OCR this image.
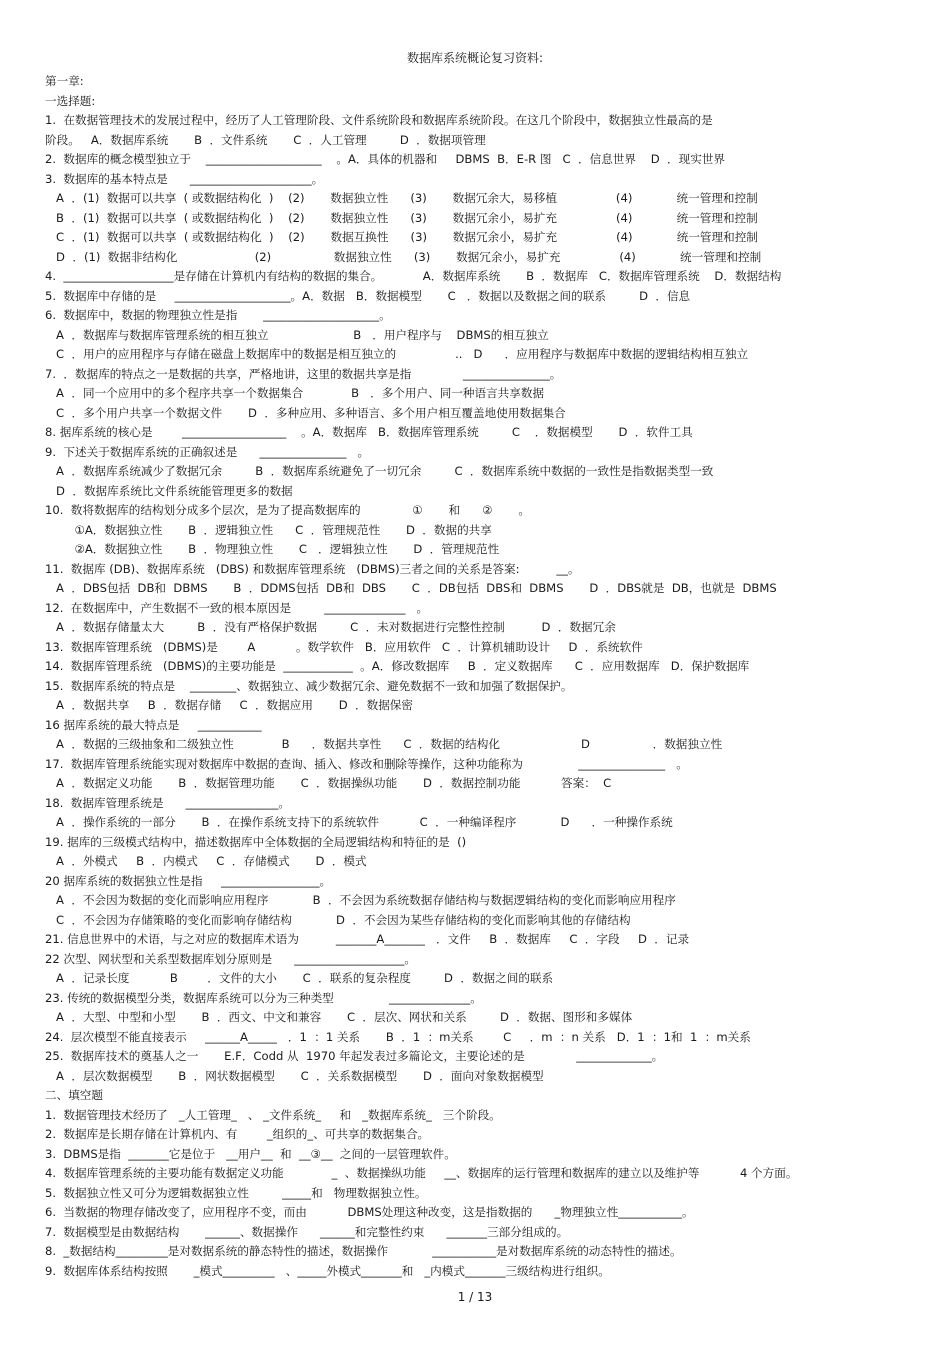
数据库系统概论复习资料:
第一章:
一选择题:
1.  在数据管理技术的发展过程中，经历了人工管理阶段、文件系统阶段和数据库系统阶段。在这几个阶段中，数据独立性最高的是
阶段。   A．数据库系统       B  ．文件系统       C  ．人工管理         D  ．数据项管理
2.  数据库的概念模型独立于    ____________________    。A．具体的机器和     DBMS  B．E-R 图   C  ．信息世界    D  ．现实世界
3.  数据库的基本特点是      _____________________。
A  ．(1)  数据可以共享  ( 或数据结构化  )    (2)       数据独立性      (3)       数据冗余大，易移植                (4)            统一管理和控制
B  ．(1)  数据可以共享  ( 或数据结构化  )    (2)       数据独立性      (3)       数据冗余小，易扩充                (4)            统一管理和控制
C  ．(1)  数据可以共享  ( 或数据结构化  )    (2)       数据互换性      (3)       数据冗余小，易扩充                (4)            统一管理和控制
D  ．(1)  数据非结构化                     (2)                 数据独立性      (3)       数据冗余小，易扩充                (4)            统一管理和控制
4.  ___________________是存储在计算机内有结构的数据的集合。           A．数据库系统       B  ．数据库   C．数据库管理系统    D．数据结构
5.  数据库中存储的是     ____________________。A．数据   B．数据模型       C   ．数据以及数据之间的联系         D  ．信息
6.  数据库中，数据的物理独立性是指       ____________________。
A  ．数据库与数据库管理系统的相互独立                       B   ．用户程序与    DBMS的相互独立
C  ．用户的应用程序与存储在磁盘上数据库中的数据是相互独立的                ..   D      ．应用程序与数据库中数据的逻辑结构相互独立
7.  ．数据库的特点之一是数据的共享，严格地讲，这里的数据共享是指              _______________。
A  ．同一个应用中的多个程序共享一个数据集合             B   ．多个用户、同一种语言共享数据
C  ．多个用户共享一个数据文件       D  ．多种应用、多种语言、多个用户相互覆盖地使用数据集合
8. 据库系统的核心是        __________________    。A．数据库   B．数据库管理系统         C    ．数据模型       D  ．软件工具
9.  下述关于数据库系统的正确叙述是      _______________   。
A  ．数据库系统减少了数据冗余         B  ．数据库系统避免了一切冗余         C  ．数据库系统中数据的一致性是指数据类型一致
D  ．数据库系统比文件系统能管理更多的数据
10.  数将数据库的结构划分成多个层次，是为了提高数据库的              ①       和      ②       。
①A．数据独立性       B  ．逻辑独立性      C  ．管理规范性       D  ．数据的共享
②A．数据独立性       B  ．物理独立性       C   ．逻辑独立性       D  ．管理规范性
11.  数据库 (DB)、数据库系统   (DBS) 和数据库管理系统   (DBMS)三者之间的关系是答案:          __。
A  ．DBS包括  DB和  DBMS       B  ．DDMS包括  DB和  DBS       C  ．DB包括  DBS和  DBMS       D  ．DBS就是  DB，也就是  DBMS
12.  在数据库中，产生数据不一致的根本原因是         ______________   。
A  ．数据存储量太大         B  ．没有严格保护数据         C  ．未对数据进行完整性控制          D  ．数据冗余
13.  数据库管理系统   (DBMS)是        A           。数学软件   B．应用软件   C  ．计算机辅助设计     D  ．系统软件
14.  数据库管理系统   (DBMS)的主要功能是  ____________  。A．修改数据库     B  ．定义数据库      C  ．应用数据库   D．保护数据库
15.  数据库系统的特点是    ________、数据独立、减少数据冗余、避免数据不一致和加强了数据保护。
A  ．数据共享     B  ．数据存储     C  ．数据应用       D  ．数据保密
16 据库系统的最大特点是     ___________
A  ．数据的三级抽象和二级独立性             B      ．数据共享性      C  ．数据的结构化                      D                 ．数据独立性
17.  数据库管理系统能实现对数据库中数据的查询、插入、修改和删除等操作，这种功能称为               _______________   。
A  ．数据定义功能       B  ．数据管理功能       C  ．数据操纵功能       D  ．数据控制功能           答案：  C
18.  数据库管理系统是      ________________。
A  ．操作系统的一部分       B  ．在操作系统支持下的系统软件           C  ．一种编译程序            D      ．一种操作系统
19. 据库的三级模式结构中，描述数据库中全体数据的全局逻辑结构和特征的是  ()
A  ．外模式     B  ．内模式     C  ．存储模式       D  ．模式
20 据库系统的数据独立性是指     _________________。
A  ．不会因为数据的变化而影响应用程序            B  ．不会因为系统数据存储结构与数据逻辑结构的变化而影响应用程序
C  ．不会因为存储策略的变化而影响存储结构            D  ．不会因为某些存储结构的变化而影响其他的存储结构
21. 信息世界中的术语，与之对应的数据库术语为          _______A_______   ．文件     B  ．数据库     C  ．字段     D  ．记录
22 次型、网状型和关系型数据库划分原则是      ___________________。
A  ．记录长度           B        ．文件的大小       C  ．联系的复杂程度         D  ．数据之间的联系
23. 传统的数据模型分类，数据库系统可以分为三种类型               ______________。
A  ．大型、中型和小型       B  ．西文、中文和兼容       C  ．层次、网状和关系         D  ．数据、图形和多媒体
24.  层次模型不能直接表示     ______A_____   ．1  ：1 关系       B  ．1  ：m关系        C     ．m  ：n 关系   D．1  ：1和  1  ：m关系
25.  数据库技术的奠基人之一       E.F．Codd 从  1970 年起发表过多篇论文，主要论述的是              _____________。
A  ．层次数据模型       B  ．网状数据模型       C  ．关系数据模型       D  ．面向对象数据模型
二、填空题
1.  数据管理技术经历了   _人工管理_   、 _文件系统_     和   _数据库系统_   三个阶段。
2.  数据库是长期存储在计算机内、有        _组织的_、可共享的数据集合。
3.  DBMS是指  _______它是位于   __用户__  和  __③__  之间的一层管理软件。
4.  数据库管理系统的主要功能有数据定义功能             _  、数据操纵功能     __、数据库的运行管理和数据库的建立以及维护等           4 个方面。
5.  数据独立性又可分为逻辑数据独立性         _____和   物理数据独立性。
6.  当数据的物理存储改变了，应用程序不变，而由           DBMS处理这种改变，这是指数据的      _物理独立性___________。
7.  数据模型是由数据结构       ______、数据操作      ______和完整性约束      _______三部分组成的。
8.  _数据结构_________是对数据系统的静态特性的描述，数据操作            ___________是对数据库系统的动态特性的描述。
9.  数据库体系结构按照       _模式_________   、_____外模式_______和   _内模式_______三级结构进行组织。
1 / 13
